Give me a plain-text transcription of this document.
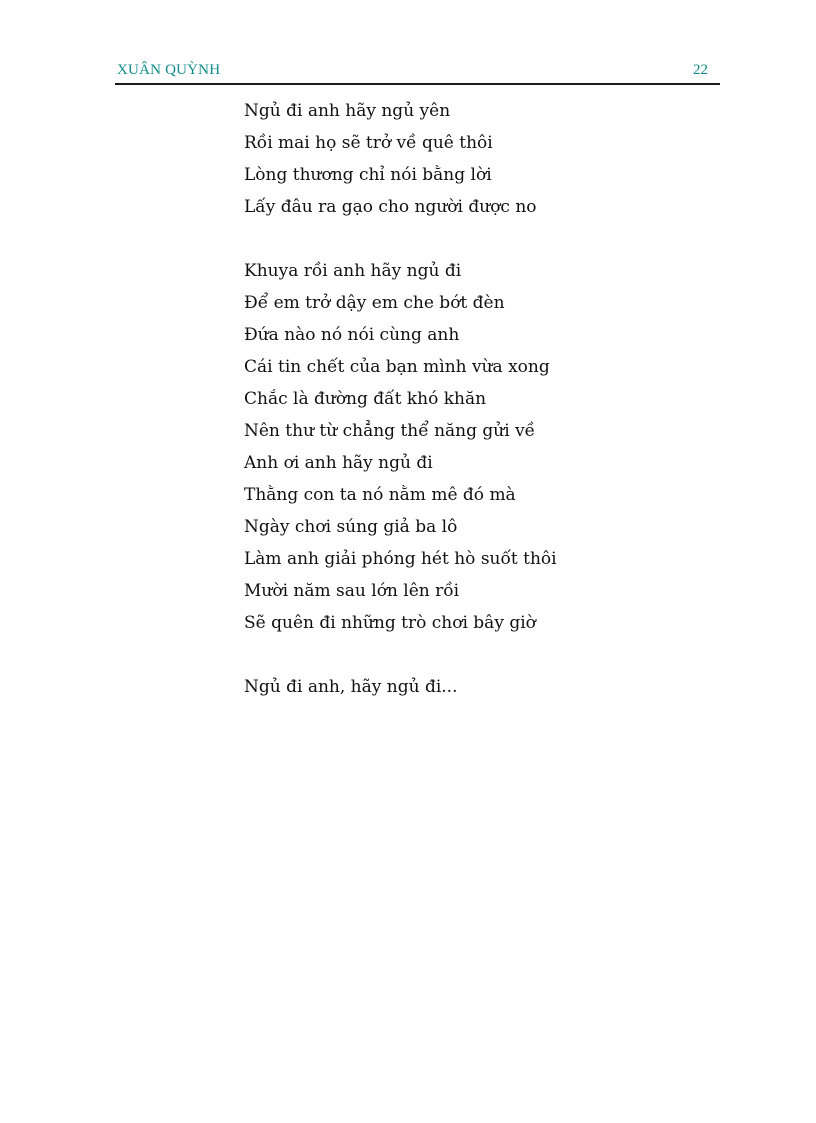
XUÂN QUỲNH	22
Ngủ đi anh hãy ngủ yên
Rồi mai họ sẽ trở về quê thôi
Lòng thương chỉ nói bằng lời
Lấy đâu ra gạo cho người được no
Khuya rồi anh hãy ngủ đi
Để em trở dậy em che bớt đèn
Đứa nào nó nói cùng anh
Cái tin chết của bạn mình vừa xong
Chắc là đường đất khó khăn
Nên thư từ chẳng thể năng gửi về
Anh ơi anh hãy ngủ đi
Thằng con ta nó nằm mê đó mà
Ngày chơi súng giả ba lô
Làm anh giải phóng hét hò suốt thôi
Mười năm sau lớn lên rồi
Sẽ quên đi những trò chơi bây giờ
Ngủ đi anh, hãy ngủ đi...
